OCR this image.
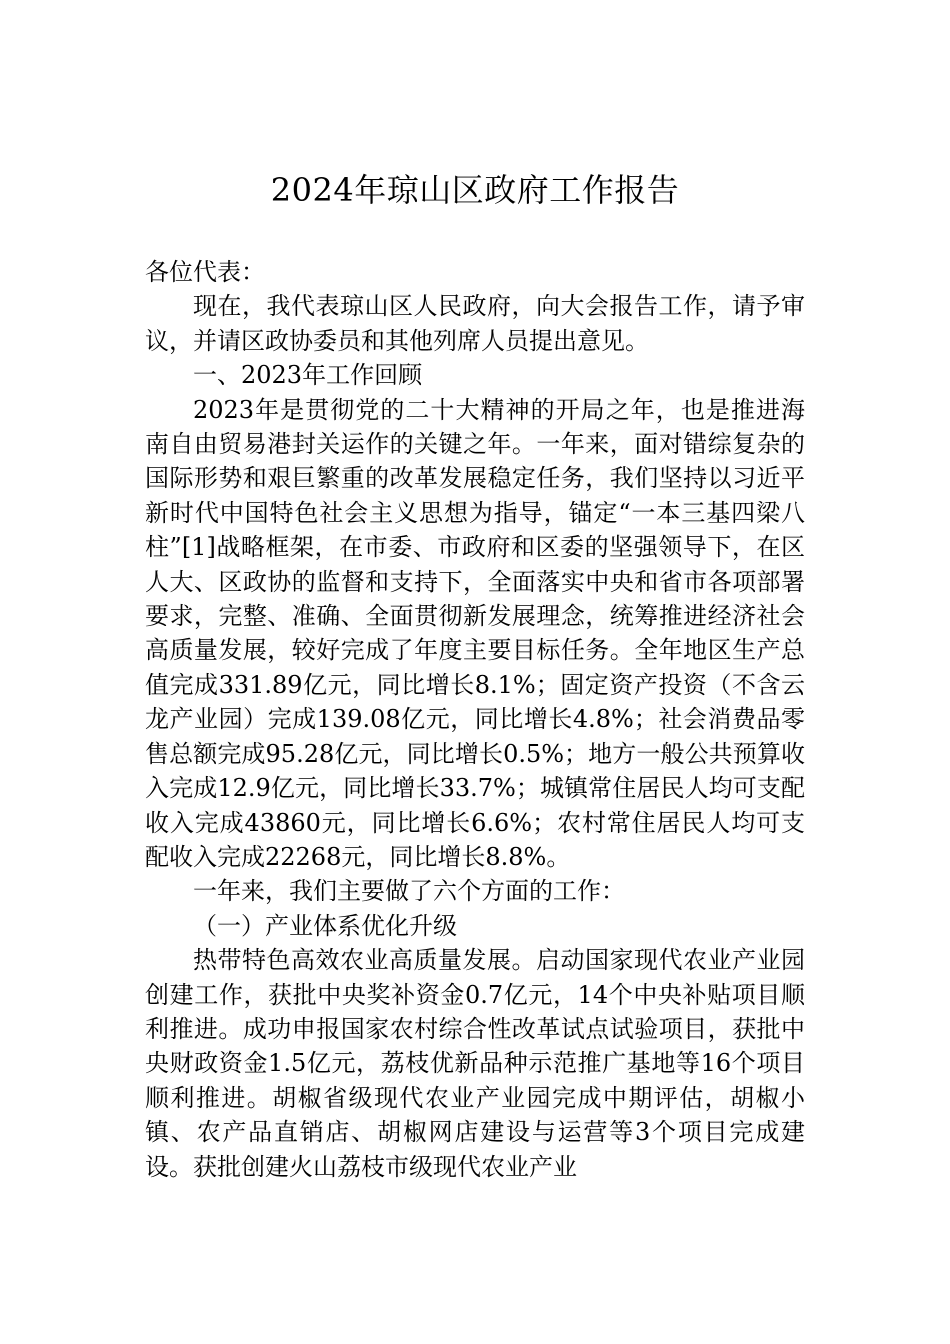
2024年琼山区政府工作报告

各位代表：

现在，我代表琼山区人民政府，向大会报告工作，请予审议，并请区政协委员和其他列席人员提出意见。

一、2023年工作回顾

2023年是贯彻党的二十大精神的开局之年，也是推进海南自由贸易港封关运作的关键之年。一年来，面对错综复杂的国际形势和艰巨繁重的改革发展稳定任务，我们坚持以习近平新时代中国特色社会主义思想为指导，锚定“一本三基四梁八柱”[1]战略框架，在市委、市政府和区委的坚强领导下，在区人大、区政协的监督和支持下，全面落实中央和省市各项部署要求，完整、准确、全面贯彻新发展理念，统筹推进经济社会高质量发展，较好完成了年度主要目标任务。全年地区生产总值完成331.89亿元，同比增长8.1%；固定资产投资（不含云龙产业园）完成139.08亿元，同比增长4.8%；社会消费品零售总额完成95.28亿元，同比增长0.5%；地方一般公共预算收入完成12.9亿元，同比增长33.7%；城镇常住居民人均可支配收入完成43860元，同比增长6.6%；农村常住居民人均可支配收入完成22268元，同比增长8.8%。

一年来，我们主要做了六个方面的工作：

（一）产业体系优化升级

热带特色高效农业高质量发展。启动国家现代农业产业园创建工作，获批中央奖补资金0.7亿元，14个中央补贴项目顺利推进。成功申报国家农村综合性改革试点试验项目，获批中央财政资金1.5亿元，荔枝优新品种示范推广基地等16个项目顺利推进。胡椒省级现代农业产业园完成中期评估，胡椒小镇、农产品直销店、胡椒网店建设与运营等3个项目完成建设。获批创建火山荔枝市级现代农业产业
